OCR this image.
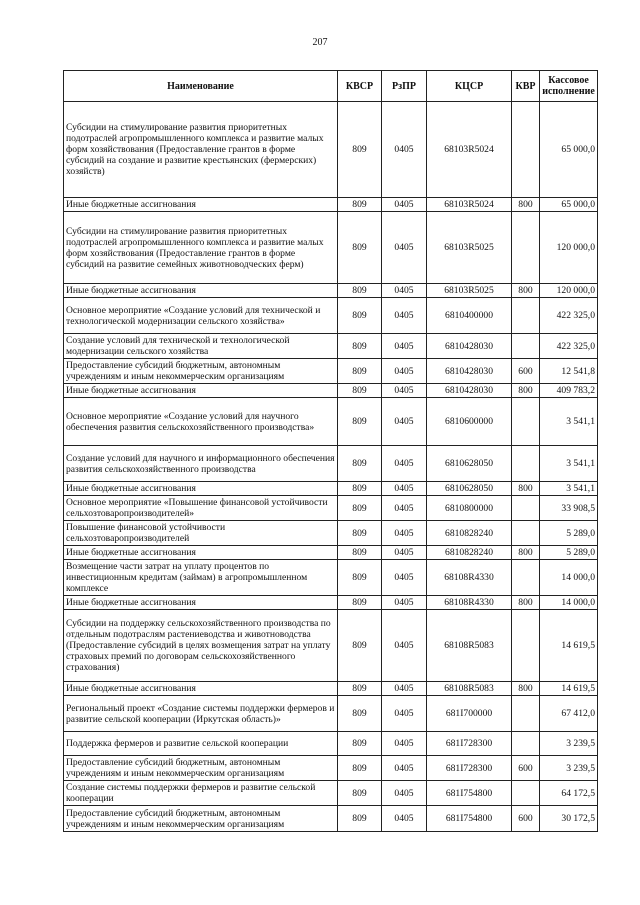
207
Наименование	КВСР	РзПР	КЦСР	КВР	Кассовое исполнение
Субсидии на стимулирование развития приоритетных подотраслей агропромышленного комплекса и развитие малых форм хозяйствования (Предоставление грантов в форме субсидий на создание и развитие крестьянских (фермерских) хозяйств)	809	0405	68103R5024		65 000,0
Иные бюджетные ассигнования	809	0405	68103R5024	800	65 000,0
Субсидии на стимулирование развития приоритетных подотраслей агропромышленного комплекса и развитие малых форм хозяйствования (Предоставление грантов в форме субсидий на развитие семейных животноводческих ферм)	809	0405	68103R5025		120 000,0
Иные бюджетные ассигнования	809	0405	68103R5025	800	120 000,0
Основное мероприятие «Создание условий для технической и технологической модернизации сельского хозяйства»	809	0405	6810400000		422 325,0
Создание условий для технической и технологической модернизации сельского хозяйства	809	0405	6810428030		422 325,0
Предоставление субсидий бюджетным, автономным учреждениям и иным некоммерческим организациям	809	0405	6810428030	600	12 541,8
Иные бюджетные ассигнования	809	0405	6810428030	800	409 783,2
Основное мероприятие «Создание условий для научного обеспечения развития сельскохозяйственного производства»	809	0405	6810600000		3 541,1
Создание условий для научного и информационного обеспечения развития сельскохозяйственного производства	809	0405	6810628050		3 541,1
Иные бюджетные ассигнования	809	0405	6810628050	800	3 541,1
Основное мероприятие «Повышение финансовой устойчивости сельхозтоваропроизводителей»	809	0405	6810800000		33 908,5
Повышение финансовой устойчивости сельхозтоваропроизводителей	809	0405	6810828240		5 289,0
Иные бюджетные ассигнования	809	0405	6810828240	800	5 289,0
Возмещение части затрат на уплату процентов по инвестиционным кредитам (займам) в агропромышленном комплексе	809	0405	68108R4330		14 000,0
Иные бюджетные ассигнования	809	0405	68108R4330	800	14 000,0
Субсидии на поддержку сельскохозяйственного производства по отдельным подотраслям растениеводства и животноводства (Предоставление субсидий в целях возмещения затрат на уплату страховых премий по договорам сельскохозяйственного страхования)	809	0405	68108R5083		14 619,5
Иные бюджетные ассигнования	809	0405	68108R5083	800	14 619,5
Региональный проект «Создание системы поддержки фермеров и развитие сельской кооперации (Иркутская область)»	809	0405	681I700000		67 412,0
Поддержка фермеров и развитие сельской кооперации	809	0405	681I728300		3 239,5
Предоставление субсидий бюджетным, автономным учреждениям и иным некоммерческим организациям	809	0405	681I728300	600	3 239,5
Создание системы поддержки фермеров и развитие сельской кооперации	809	0405	681I754800		64 172,5
Предоставление субсидий бюджетным, автономным учреждениям и иным некоммерческим организациям	809	0405	681I754800	600	30 172,5
